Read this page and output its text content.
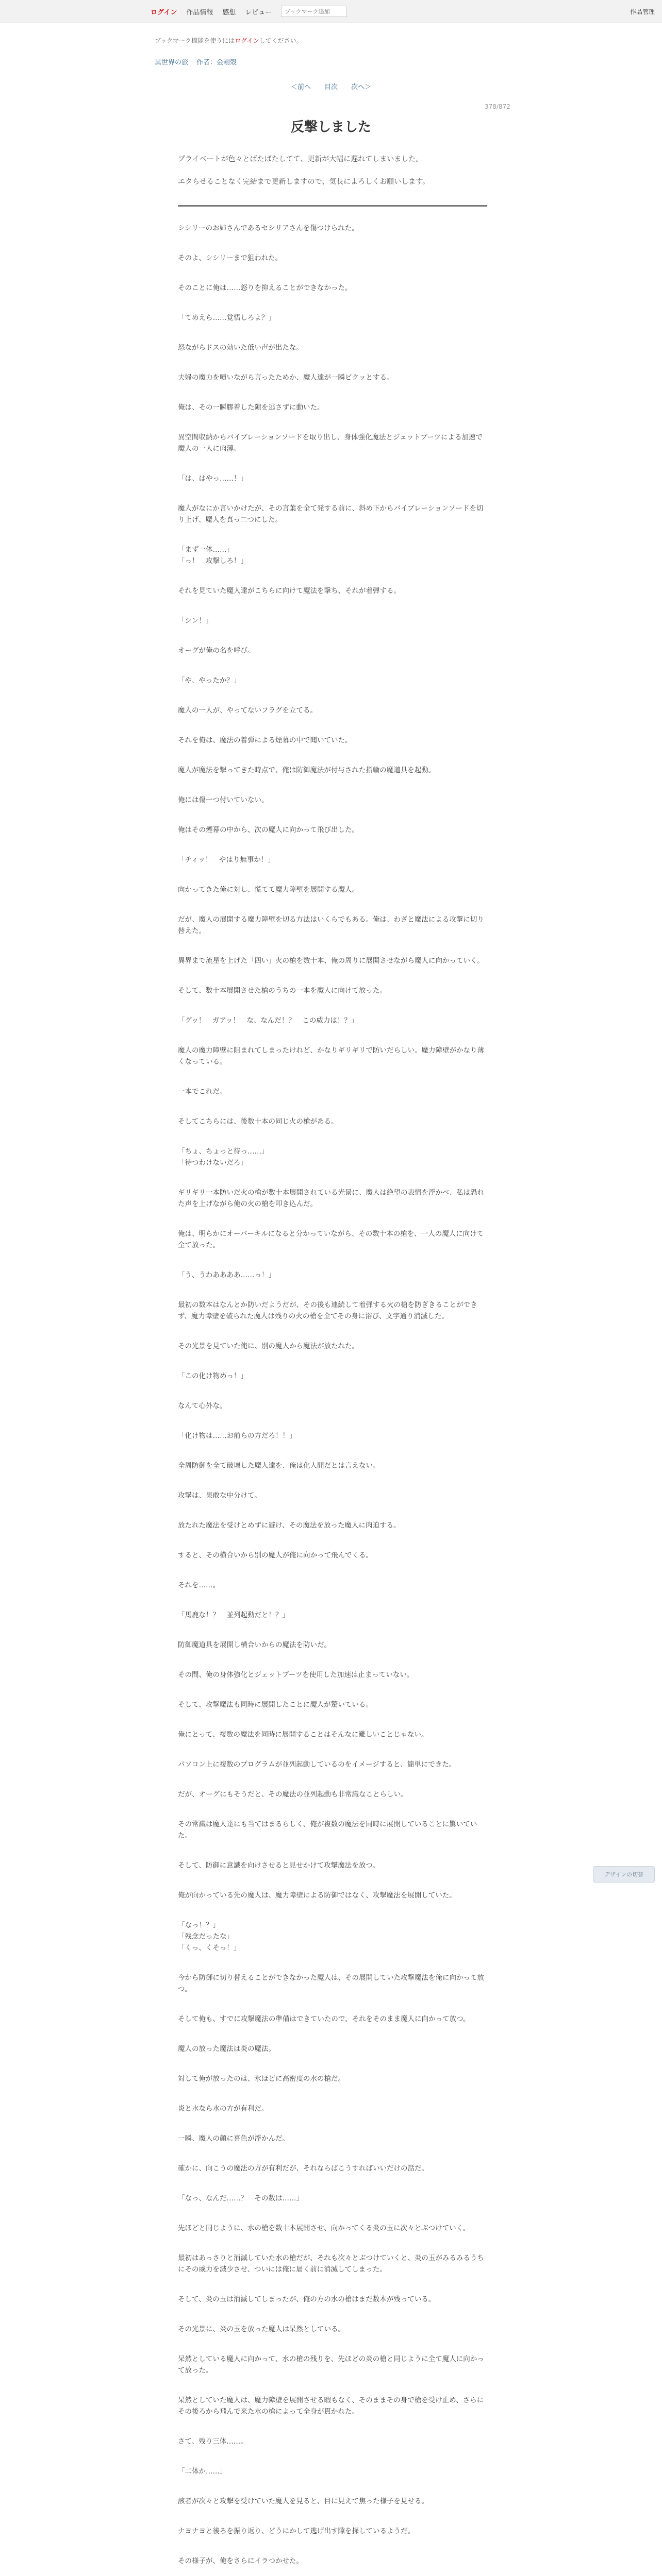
ログイン 作品情報 感想 レビュー
ブックマーク追加	作品管理
ブックマーク機能を使うにはログインしてください。
異世界の旅 作者：金剛殻
＜前へ 目次 次へ＞
378/872
反撃しました
プライベートが色々とばたばたしてて、更新が大幅に遅れてしまいました。
エタらせることなく完結まで更新しますので、気長によろしくお願いします。

シシリーのお姉さんであるセシリアさんを傷つけられた。

そのよ、シシリーまで狙われた。

そのことに俺は……怒りを抑えることができなかった。

「てめえら……覚悟しろよ？」

怒ながらドスの効いた低い声が出たな。

夫婦の魔力を噴いながら言ったためか、魔人達が一瞬ビクッとする。

俺は、その一瞬膠着した隙を逃さずに動いた。

異空間収納からバイブレーションソードを取り出し、身体強化魔法とジェットブーツによる加速で魔人の一人に肉薄。

「は、はやっ……！」

魔人がなにか言いかけたが、その言葉を全て発する前に、斜め下からバイブレーションソードを切り上げ、魔人を真っ二つにした。

「まず一体……」
「っ！　攻撃しろ！」

それを見ていた魔人達がこちらに向けて魔法を撃ち、それが着弾する。

「シン！」

オーグが俺の名を呼び。

「や、やったか？」

魔人の一人が、やってないフラグを立てる。

それを俺は、魔法の着弾による煙幕の中で聞いていた。

魔人が魔法を撃ってきた時点で、俺は防御魔法が付与された指輪の魔道具を起動。

俺には傷一つ付いていない。

俺はその煙幕の中から、次の魔人に向かって飛び出した。

「チィッ！　やはり無事か！」

向かってきた俺に対し、慌てて魔力障壁を展開する魔人。

だが、魔人の展開する魔力障壁を切る方法はいくらでもある。俺は、わざと魔法による攻撃に切り替えた。

異界まで流星を上げた「四い」火の槍を数十本、俺の周りに展開させながら魔人に向かっていく。

そして、数十本展開させた槍のうちの一本を魔人に向けて放った。

「グッ！　ガアッ！　な、なんだ！？　この威力は！？」

魔人の魔力障壁に阻まれてしまったけれど、かなりギリギリで防いだらしい。魔力障壁がかなり薄くなっている。

一本でこれだ。

そしてこちらには、後数十本の同じ火の槍がある。

「ちょ、ちょっと待っ……」
「待つわけないだろ」

ギリギリ一本防いだ火の槍が数十本展開されている光景に、魔人は絶望の表情を浮かべ、私は恐れた声を上げながら俺の火の槍を叩き込んだ。

俺は、明らかにオーバーキルになると分かっていながら、その数十本の槍を、一人の魔人に向けて全て放った。

「う、うわああああ……っ！」

最初の数本はなんとか防いだようだが、その後も連続して着弾する火の槍を防ぎきることができず、魔力障壁を破られた魔人は残りの火の槍を全てその身に浴び、文字通り消滅した。

その光景を見ていた俺に、別の魔人から魔法が放たれた。

「この化け物めっ！」

なんて心外な。

「化け物は……お前らの方だろ！！」

全周防御を全て破壊した魔人達を、俺は化人間だとは言えない。

攻撃は、果敢な中分けて。

放たれた魔法を受けとめずに避け、その魔法を放った魔人に肉迫する。

すると、その横合いから別の魔人が俺に向かって飛んでくる。

それを……。

「馬鹿な！？　並列起動だと！？」

防御魔道具を展開し横合いからの魔法を防いだ。

その間、俺の身体強化とジェットブーツを使用した加速は止まっていない。

そして、攻撃魔法も同時に展開したことに魔人が驚いている。

俺にとって、複数の魔法を同時に展開することはそんなに難しいことじゃない。

パソコン上に複数のプログラムが並列起動しているのをイメージすると、簡単にできた。

だが、オーグにもそうだと、その魔法の並列起動も非常識なことらしい。

その常識は魔人達にも当てはまるらしく、俺が複数の魔法を同時に展開していることに驚いていた。

そして、防御に意識を向けさせると見せかけて攻撃魔法を放つ。

俺が向かっている先の魔人は、魔力障壁による防御ではなく、攻撃魔法を展開していた。

「なっ！？」
「残念だったな」
「くっ、くそっ！」

今から防御に切り替えることができなかった魔人は、その展開していた攻撃魔法を俺に向かって放つ。

そして俺も、すでに攻撃魔法の準備はできていたので、それをそのまま魔人に向かって放つ。

魔人の放った魔法は炎の魔法。

対して俺が放ったのは、氷ほどに高密度の水の槍だ。

炎と水なら水の方が有利だ。

一瞬、魔人の顔に喜色が浮かんだ。

確かに、向こうの魔法の方が有利だが、それならばこうすればいいだけの話だ。

「なっ、なんだ……？　その数は……」

先ほどと同じように、水の槍を数十本展開させ、向かってくる炎の玉に次々とぶつけていく。

最初はあっさりと消滅していた水の槍だが、それも次々とぶつけていくと、炎の玉がみるみるうちにその威力を減少させ、ついには俺に届く前に消滅してしまった。

そして、炎の玉は消滅してしまったが、俺の方の水の槍はまだ数本が残っている。

その光景に、炎の玉を放った魔人は呆然としている。

呆然としている魔人に向かって、水の槍の残りを、先ほどの炎の槍と同じように全て魔人に向かって放った。

呆然としていた魔人は、魔力障壁を展開させる暇もなく、そのままその身で槍を受け止め、さらにその後ろから飛んで来た水の槍によって全身が貫かれた。

さて、残り三体……。

「二体か……」

該者が次々と攻撃を受けていた魔人を見ると、目に見えて焦った様子を見せる。

ナヨナヨと後ろを振り返り、どうにかして逃げ出す隙を探しているようだ。

その様子が、俺をさらにイラつかせた。

デザインの切替
